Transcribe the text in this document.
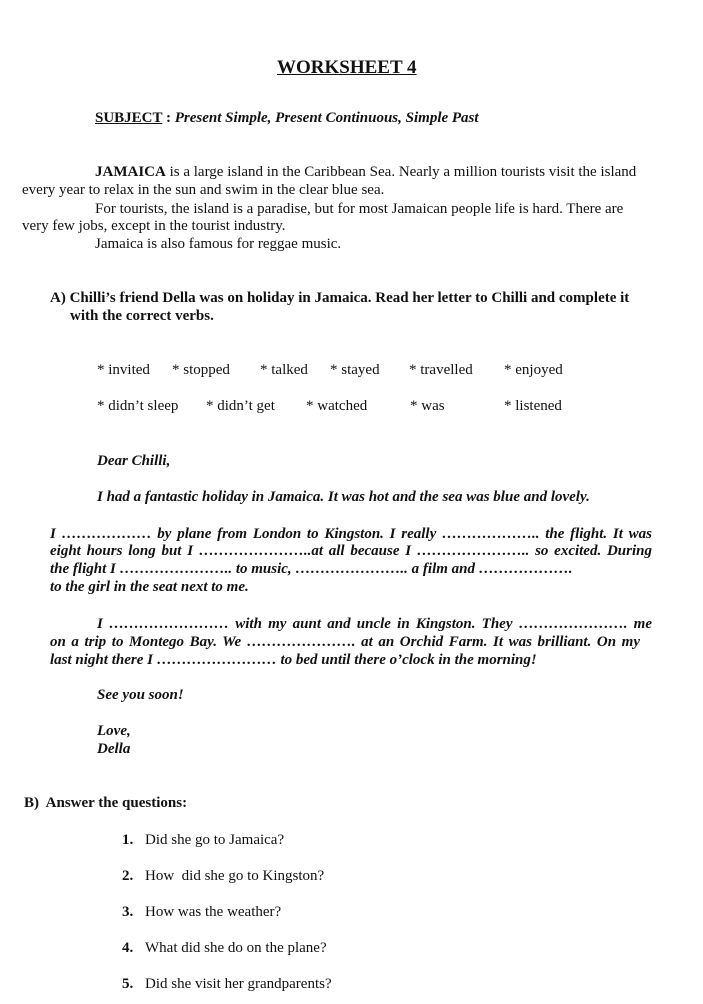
WORKSHEET 4
SUBJECT : Present Simple, Present Continuous, Simple Past
JAMAICA is a large island in the Caribbean Sea. Nearly a million tourists visit the island
every year to relax in the sun and swim in the clear blue sea.
For tourists, the island is a paradise, but for most Jamaican people life is hard. There are
very few jobs, except in the tourist industry.
Jamaica is also famous for reggae music.
A) Chilli’s friend Della was on holiday in Jamaica. Read her letter to Chilli and complete it
with the correct verbs.
* invited * stopped * talked * stayed * travelled * enjoyed
* didn’t sleep * didn’t get * watched	* was	* listened
Dear Chilli,
I had a fantastic holiday in Jamaica. It was hot and the sea was blue and lovely.
I ……………… by plane from London to Kingston. I really ……………….. the flight. It was
eight hours long but I …………………..at all because I ………………….. so excited. During
the flight I ………………….. to music, ………………….. a film and ……………….
to the girl in the seat next to me.
I …………………… with my aunt and uncle in Kingston. They …………………. me
on a trip to Montego Bay. We …………………. at an Orchid Farm. It was brilliant. On my
last night there I …………………… to bed until there o’clock in the morning!
See you soon!
Love,
Della
B)  Answer the questions:
1. Did she go to Jamaica?
2. How  did she go to Kingston?
3. How was the weather?
4. What did she do on the plane?
5. Did she visit her grandparents?
